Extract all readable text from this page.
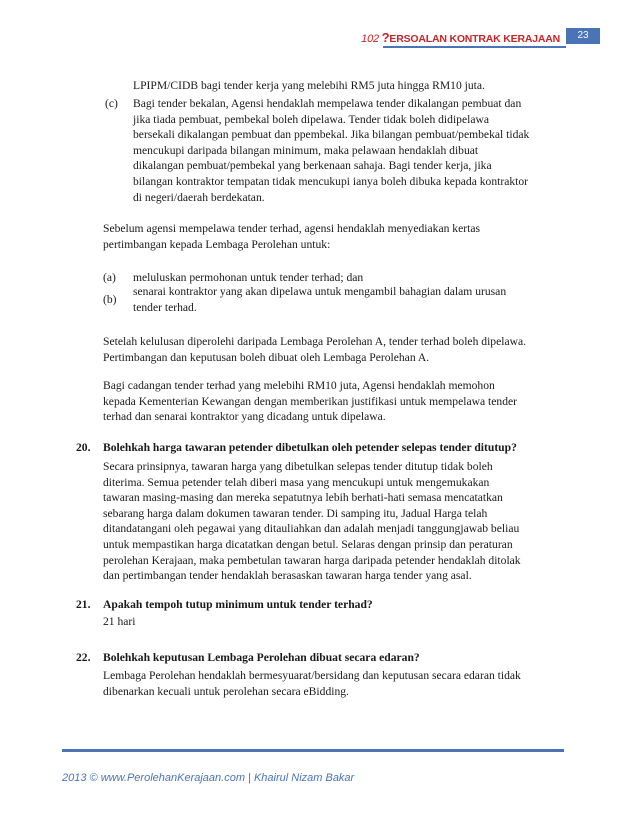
102 ?ERSOALAN KONTRAK KERAJAAN	23
LPIPM/CIDB bagi tender kerja yang melebihi RM5 juta hingga RM10 juta.
(c) Bagi tender bekalan, Agensi hendaklah mempelawa tender dikalangan pembuat dan
jika tiada pembuat, pembekal boleh dipelawa. Tender tidak boleh didipelawa
bersekali dikalangan pembuat dan ppembekal. Jika bilangan pembuat/pembekal tidak
mencukupi daripada bilangan minimum, maka pelawaan hendaklah dibuat
dikalangan pembuat/pembekal yang berkenaan sahaja. Bagi tender kerja, jika
bilangan kontraktor tempatan tidak mencukupi ianya boleh dibuka kepada kontraktor
di negeri/daerah berdekatan.
Sebelum agensi mempelawa tender terhad, agensi hendaklah menyediakan kertas
pertimbangan kepada Lembaga Perolehan untuk:
(a) meluluskan permohonan untuk tender terhad; dan
(b)
senarai kontraktor yang akan dipelawa untuk mengambil bahagian dalam urusan
tender terhad.
Setelah kelulusan diperolehi daripada Lembaga Perolehan A, tender terhad boleh dipelawa.
Pertimbangan dan keputusan boleh dibuat oleh Lembaga Perolehan A.
Bagi cadangan tender terhad yang melebihi RM10 juta, Agensi hendaklah memohon
kepada Kementerian Kewangan dengan memberikan justifikasi untuk mempelawa tender
terhad dan senarai kontraktor yang dicadang untuk dipelawa.
20. Bolehkah harga tawaran petender dibetulkan oleh petender selepas tender ditutup?
Secara prinsipnya, tawaran harga yang dibetulkan selepas tender ditutup tidak boleh
diterima. Semua petender telah diberi masa yang mencukupi untuk mengemukakan
tawaran masing-masing dan mereka sepatutnya lebih berhati-hati semasa mencatatkan
sebarang harga dalam dokumen tawaran tender. Di samping itu, Jadual Harga telah
ditandatangani oleh pegawai yang ditauliahkan dan adalah menjadi tanggungjawab beliau
untuk mempastikan harga dicatatkan dengan betul. Selaras dengan prinsip dan peraturan
perolehan Kerajaan, maka pembetulan tawaran harga daripada petender hendaklah ditolak
dan pertimbangan tender hendaklah berasaskan tawaran harga tender yang asal.
21. Apakah tempoh tutup minimum untuk tender terhad?
21 hari
22. Bolehkah keputusan Lembaga Perolehan dibuat secara edaran?
Lembaga Perolehan hendaklah bermesyuarat/bersidang dan keputusan secara edaran tidak
dibenarkan kecuali untuk perolehan secara eBidding.
2013 © www.PerolehanKerajaan.com | Khairul Nizam Bakar
